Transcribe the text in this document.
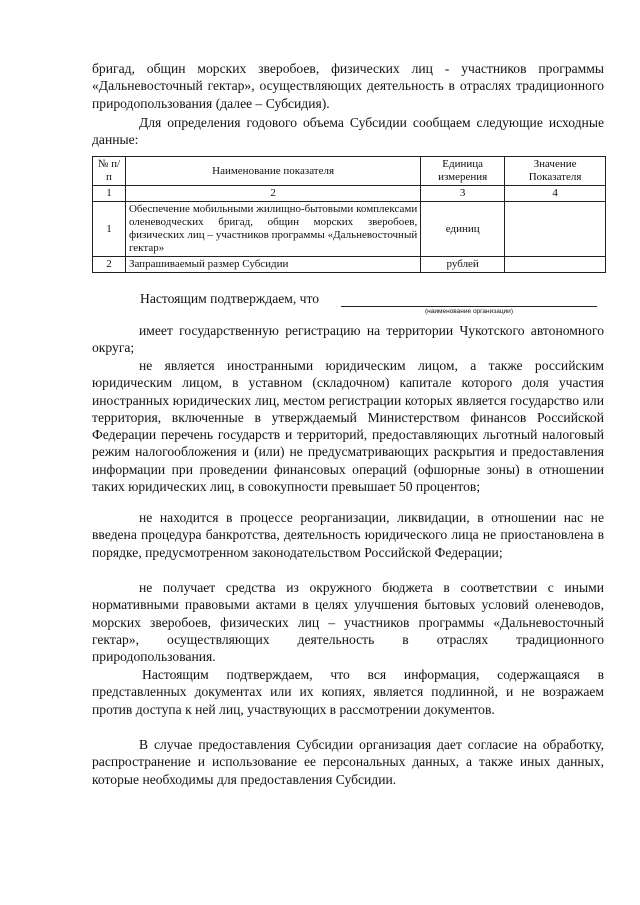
бригад, общин морских зверобоев, физических лиц - участников программы «Дальневосточный гектар», осуществляющих деятельность в отраслях традиционного природопользования (далее – Субсидия).

Для определения годового объема Субсидии сообщаем следующие исходные данные:

№ п/п	Наименование показателя	Единица измерения	Значение Показателя
1	2	3	4
1	Обеспечение мобильными жилищно-бытовыми комплексами оленеводческих бригад, общин морских зверобоев, физических лиц – участников программы «Дальневосточный гектар»	единиц	
2	Запрашиваемый размер Субсидии	рублей	
Настоящим подтверждаем, что
(наименование организации)

имеет государственную регистрацию на территории Чукотского автономного округа;

не является иностранными юридическим лицом, а также российским юридическим лицом, в уставном (складочном) капитале которого доля участия иностранных юридических лиц, местом регистрации которых является государство или территория, включенные в утверждаемый Министерством финансов Российской Федерации перечень государств и территорий, предоставляющих льготный налоговый режим налогообложения и (или) не предусматривающих раскрытия и предоставления информации при проведении финансовых операций (офшорные зоны) в отношении таких юридических лиц, в совокупности превышает 50 процентов;

не находится в процессе реорганизации, ликвидации, в отношении нас не введена процедура банкротства, деятельность юридического лица не приостановлена в порядке, предусмотренном законодательством Российской Федерации;

не получает средства из окружного бюджета в соответствии с иными нормативными правовыми актами в целях улучшения бытовых условий оленеводов, морских зверобоев, физических лиц – участников программы «Дальневосточный гектар», осуществляющих деятельность в отраслях традиционного природопользования.

Настоящим подтверждаем, что вся информация, содержащаяся в представленных документах или их копиях, является подлинной, и не возражаем против доступа к ней лиц, участвующих в рассмотрении документов.

В случае предоставления Субсидии организация дает согласие на обработку, распространение и использование ее персональных данных, а также иных данных, которые необходимы для предоставления Субсидии.
